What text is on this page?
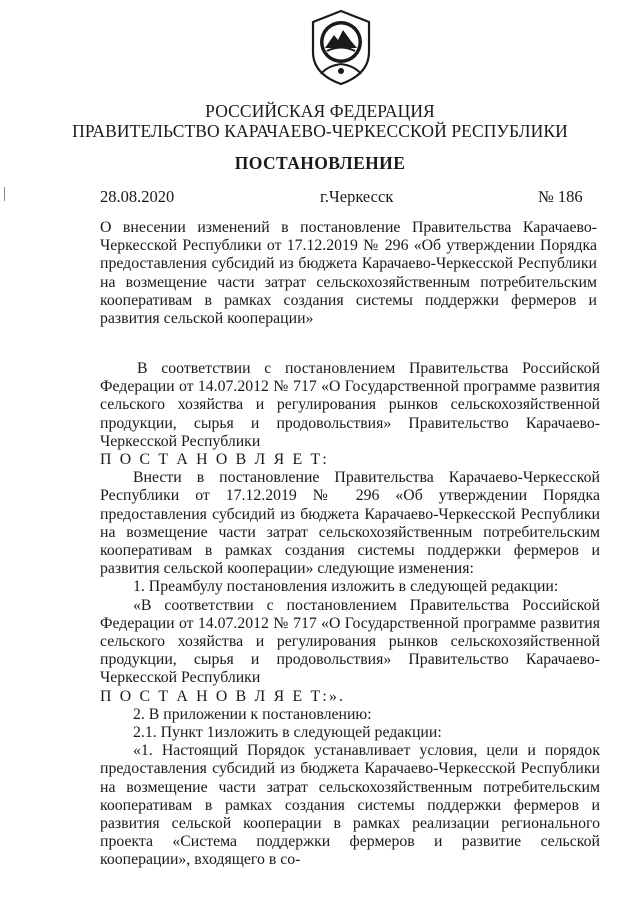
РОССИЙСКАЯ ФЕДЕРАЦИЯ
ПРАВИТЕЛЬСТВО КАРАЧАЕВО-ЧЕРКЕССКОЙ РЕСПУБЛИКИ
ПОСТАНОВЛЕНИЕ
28.08.2020	г.Черкесск	№ 186
О внесении изменений в постановление Правительства Карачаево-Черкесской Республики от 17.12.2019 № 296 «Об утверждении Порядка предоставления субсидий из бюджета Карачаево-Черкесской Республики на возмещение части затрат сельскохозяйственным потребительским кооперативам в рамках создания системы поддержки фермеров и развития сельской кооперации»

В соответствии с постановлением Правительства Российской Федерации от 14.07.2012 № 717 «О Государственной программе развития сельского хозяйства и регулирования рынков сельскохозяйственной продукции, сырья и продовольствия» Правительство Карачаево-Черкесской Республики

П О С Т А Н О В Л Я Е Т:

Внести в постановление Правительства Карачаево-Черкесской Республики от 17.12.2019 № 296 «Об утверждении Порядка предоставления субсидий из бюджета Карачаево-Черкесской Республики на возмещение части затрат сельскохозяйственным потребительским кооперативам в рамках создания системы поддержки фермеров и развития сельской кооперации» следующие изменения:

1. Преамбулу постановления изложить в следующей редакции:

«В соответствии с постановлением Правительства Российской Федерации от 14.07.2012 № 717 «О Государственной программе развития сельского хозяйства и регулирования рынков сельскохозяйственной продукции, сырья и продовольствия» Правительство Карачаево-Черкесской Республики

П О С Т А Н О В Л Я Е Т:».

2. В приложении к постановлению:

2.1. Пункт 1изложить в следующей редакции:

«1. Настоящий Порядок устанавливает условия, цели и порядок предоставления субсидий из бюджета Карачаево-Черкесской Республики на возмещение части затрат сельскохозяйственным потребительским кооперативам в рамках создания системы поддержки фермеров и развития сельской кооперации в рамках реализации регионального проекта «Система поддержки фермеров и развитие сельской кооперации», входящего в со-
